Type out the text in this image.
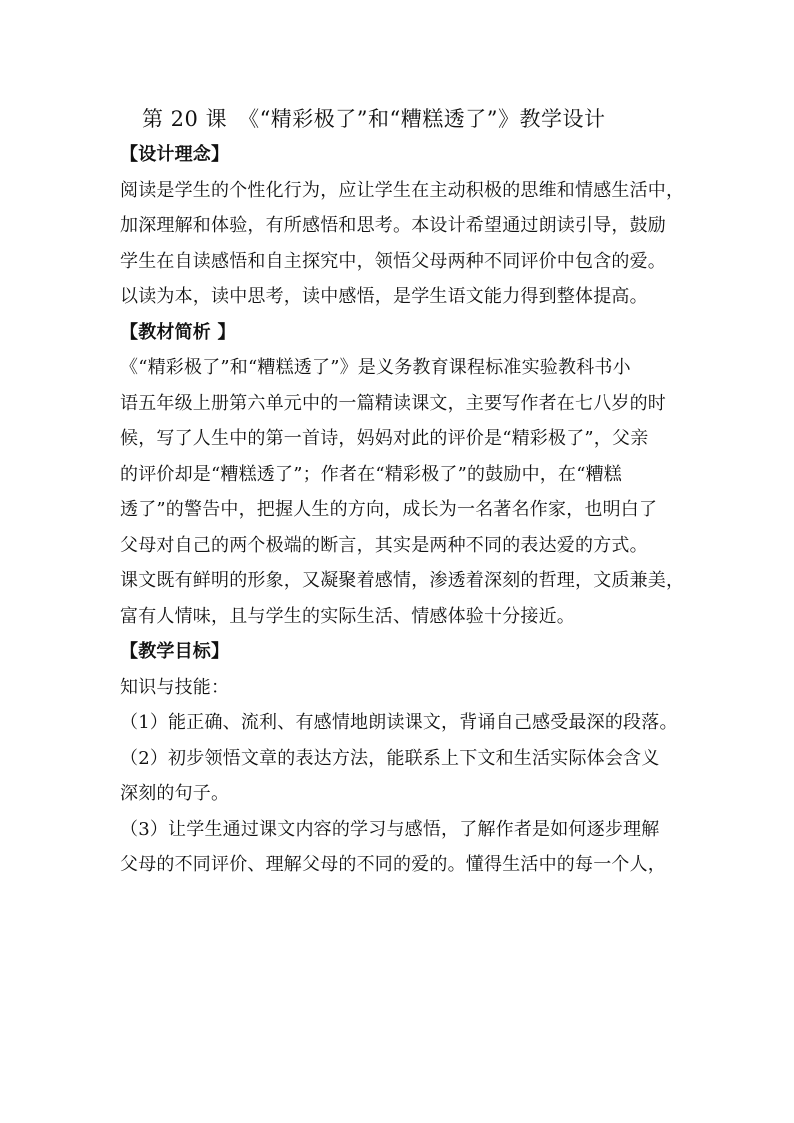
第 20 课　《“精彩极了”和“糟糕透了”》教学设计
【设计理念】
阅读是学生的个性化行为，应让学生在主动积极的思维和情感生活中，
加深理解和体验，有所感悟和思考。本设计希望通过朗读引导，鼓励
学生在自读感悟和自主探究中，领悟父母两种不同评价中包含的爱。
以读为本，读中思考，读中感悟，是学生语文能力得到整体提高。
【教材简析 】
《“精彩极了”和“糟糕透了”》是义务教育课程标准实验教科书小
语五年级上册第六单元中的一篇精读课文，主要写作者在七八岁的时
候，写了人生中的第一首诗，妈妈对此的评价是“精彩极了”，父亲
的评价却是“糟糕透了”；作者在“精彩极了”的鼓励中，在“糟糕
透了”的警告中，把握人生的方向，成长为一名著名作家，也明白了
父母对自己的两个极端的断言，其实是两种不同的表达爱的方式。
课文既有鲜明的形象，又凝聚着感情，渗透着深刻的哲理，文质兼美，
富有人情味，且与学生的实际生活、情感体验十分接近。
【教学目标】
知识与技能：
（1）能正确、流利、有感情地朗读课文，背诵自己感受最深的段落。
（2）初步领悟文章的表达方法，能联系上下文和生活实际体会含义
深刻的句子。
（3）让学生通过课文内容的学习与感悟，了解作者是如何逐步理解
父母的不同评价、理解父母的不同的爱的。懂得生活中的每一个人，
